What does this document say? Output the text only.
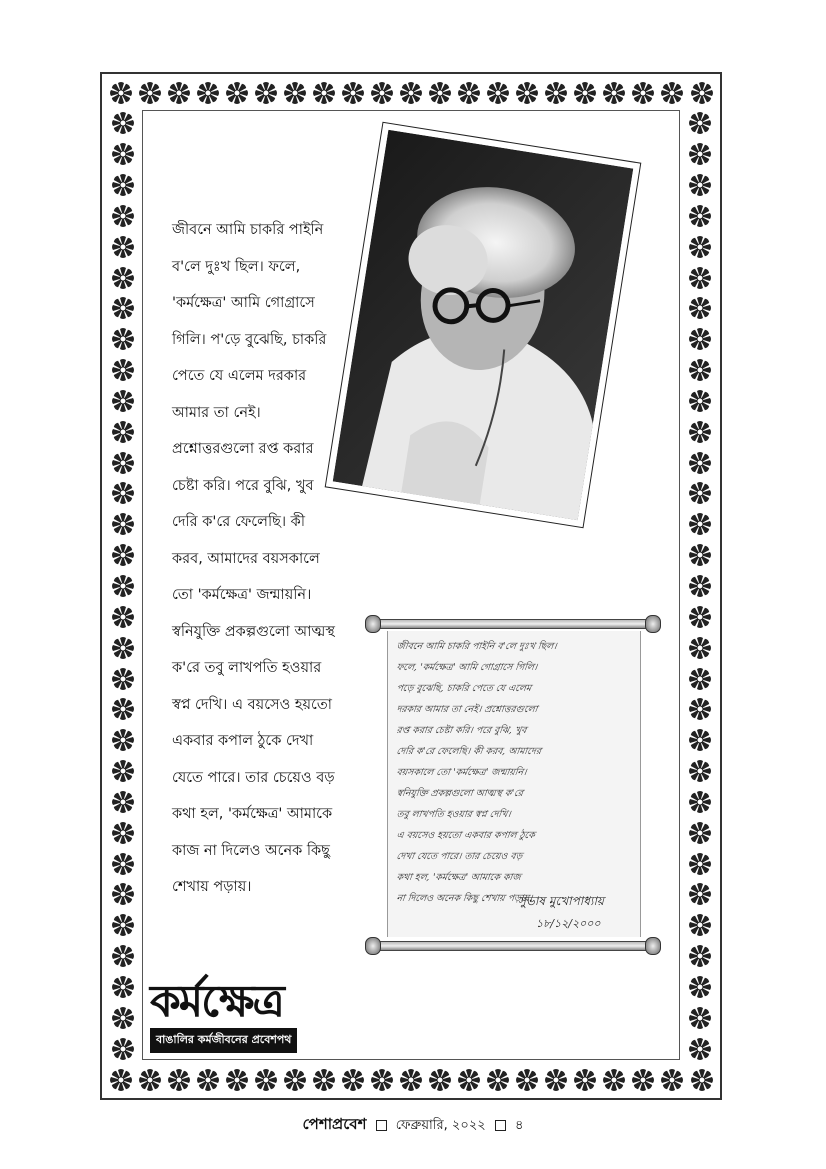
জীবনে আমি চাকরি পাইনি
ব'লে দুঃখ ছিল। ফলে,
'কর্মক্ষেত্র' আমি গোগ্রাসে
গিলি। প'ড়ে বুঝেছি, চাকরি
পেতে যে এলেম দরকার
আমার তা নেই।
প্রশ্নোত্তরগুলো রপ্ত করার
চেষ্টা করি। পরে বুঝি, খুব
দেরি ক'রে ফেলেছি। কী
করব, আমাদের বয়সকালে
তো 'কর্মক্ষেত্র' জন্মায়নি।
স্বনিযুক্তি প্রকল্পগুলো আত্মস্থ
ক'রে তবু লাখপতি হওয়ার
স্বপ্ন দেখি। এ বয়সেও হয়তো
একবার কপাল ঠুকে দেখা
যেতে পারে। তার চেয়েও বড়
কথা হল, 'কর্মক্ষেত্র' আমাকে
কাজ না দিলেও অনেক কিছু
শেখায় পড়ায়।
জীবনে আমি চাকরি পাইনি ব'লে দুঃখ ছিল।
ফলে, 'কর্মক্ষেত্র' আমি গোগ্রাসে গিলি।
পড়ে বুঝেছি, চাকরি পেতে যে এলেম
দরকার আমার তা নেই। প্রশ্নোত্তরগুলো
রপ্ত করার চেষ্টা করি। পরে বুঝি, খুব
দেরি ক'রে ফেলেছি। কী করব, আমাদের
বয়সকালে তো 'কর্মক্ষেত্র' জন্মায়নি।
স্বনিযুক্তি প্রকল্পগুলো আত্মস্থ ক'রে
তবু লাখপতি হওয়ার স্বপ্ন দেখি।
এ বয়সেও হয়তো একবার কপাল ঠুকে
দেখা যেতে পারে। তার চেয়েও বড়
কথা হল, 'কর্মক্ষেত্র' আমাকে কাজ
না দিলেও অনেক কিছু শেখায় পড়ায়।
সুভাষ মুখোপাধ্যায়
১৮/১২/২০০০
কর্মক্ষেত্র
বাঙালির কর্মজীবনের প্রবেশপথ
পেশাপ্রবেশ ফেব্রুয়ারি, ২০২২ ৪
